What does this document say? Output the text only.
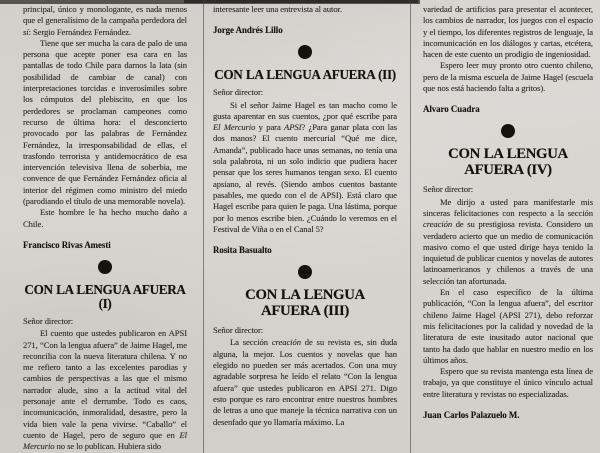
principal, único y monologante, es nada menos que el generalísimo de la campaña perdedora del sí: Sergio Fernández Fernández.

Tiene que ser mucha la cara de palo de una persona que acepte poner esa cara en las pantallas de todo Chile para darnos la lata (sin posibilidad de cambiar de canal) con interpretaciones torcidas e inverosímiles sobre los cómputos del plebiscito, en que los perdedores se proclaman campeones como recurso de última hora: el desconcierto provocado por las palabras de Fernández Fernández, la irresponsabilidad de ellas, el trasfondo terrorista y antidemocrático de esa intervención televisiva llena de soberbia, me convence de que Fernández Fernández oficia al interior del régimen como ministro del miedo (parodiando el título de una memorable novela).

Este hombre le ha hecho mucho daño a Chile.

Francisco Rivas Amesti

CON LA LENGUA AFUERA (I)

Señor director:

El cuento que ustedes publicaron en APSI 271, “Con la lengua afuera” de Jaime Hagel, me reconcilia con la nueva literatura chilena. Y no me refiero tanto a las excelentes parodias y cambios de perspectivas a las que el mismo narrador alude, sino a la actitud vital del personaje ante el derrumbe. Todo es caos, incomunicación, inmoralidad, desastre, pero la vida bien vale la pena vivirse. “Caballo” el cuento de Hagel, pero de seguro que en El Mercurio no se lo publican. Hubiera sido

interesante leer una entrevista al autor.

Jorge Andrés Lillo

CON LA LENGUA AFUERA (II)

Señor director:

Si el señor Jaime Hagel es tan macho como le gusta aparentar en sus cuentos, ¿por qué escribe para El Mercurio y para APSI? ¿Para ganar plata con las dos manos? El cuento mercurial “Qué me dice, Amanda”, publicado hace unas semanas, no tenía una sola palabrota, ni un solo indicio que pudiera hacer pensar que los seres humanos tengan sexo. El cuento apsiano, al revés. (Siendo ambos cuentos bastante pasables, me quedo con el de APSI). Está claro que Hagel escribe para quien le paga. Una lástima, porque por lo menos escribe bien. ¿Cuándo lo veremos en el Festival de Viña o en el Canal 5?

Rosita Basualto

CON LA LENGUA
AFUERA (III)

Señor director:

La sección creación de su revista es, sin duda alguna, la mejor. Los cuentos y novelas que han elegido no pueden ser más acertados. Con una muy agradable sorpresa he leído el relato “Con la lengua afuera” que ustedes publicaron en APSI 271. Digo esto porque es raro encontrar entre nuestros hombres de letras a uno que maneje la técnica narrativa con un desenfado que yo llamaría máximo. La

variedad de artificios para presentar el acontecer, los cambios de narrador, los juegos con el espacio y el tiempo, los diferentes registros de lenguaje, la incomunicación en los diálogos y cartas, etcétera, hacen de este cuento un prodigio de ingeniosidad.

Espero leer muy pronto otro cuento chileno, pero de la misma escuela de Jaime Hagel (escuela que nos está haciendo falta a gritos).

Alvaro Cuadra

CON LA LENGUA
AFUERA (IV)

Señor director:

Me dirijo a usted para manifestarle mis sinceras felicitaciones con respecto a la sección creación de su prestigiosa revista. Considero un verdadero acierto que un medio de comunicación masivo como el que usted dirige haya tenido la inquietud de publicar cuentos y novelas de autores latinoamericanos y chilenos a través de una selección tan afortunada.

En el caso específico de la última publicación, “Con la lengua afuera”, del escritor chileno Jaime Hagel (APSI 271), debo reforzar mis felicitaciones por la calidad y novedad de la literatura de este inusitado autor nacional que tanto ha dado que hablar en nuestro medio en los últimos años.

Espero que su revista mantenga esta línea de trabajo, ya que constituye el único vínculo actual entre literatura y revistas no especializadas.

Juan Carlos Palazuelo M.
